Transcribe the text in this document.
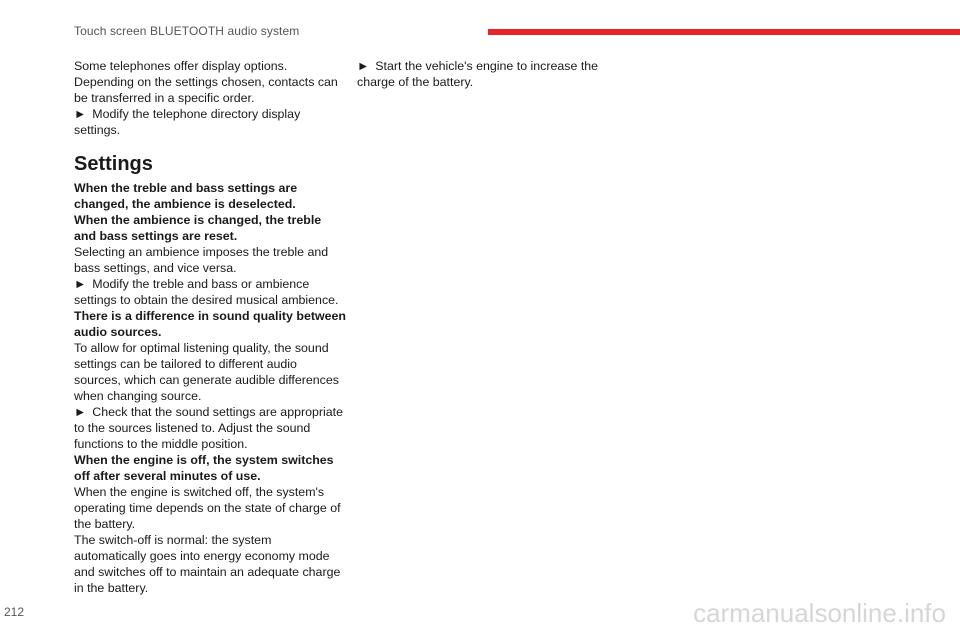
Touch screen BLUETOOTH audio system

Some telephones offer display options. Depending on the settings chosen, contacts can be transferred in a specific order.

► Modify the telephone directory display settings.

Settings

When the treble and bass settings are changed, the ambience is deselected.

When the ambience is changed, the treble and bass settings are reset.

Selecting an ambience imposes the treble and bass settings, and vice versa.

► Modify the treble and bass or ambience settings to obtain the desired musical ambience.

There is a difference in sound quality between audio sources.

To allow for optimal listening quality, the sound settings can be tailored to different audio sources, which can generate audible differences when changing source.

► Check that the sound settings are appropriate to the sources listened to. Adjust the sound functions to the middle position.

When the engine is off, the system switches off after several minutes of use.

When the engine is switched off, the system's operating time depends on the state of charge of the battery.

The switch-off is normal: the system automatically goes into energy economy mode and switches off to maintain an adequate charge in the battery.

► Start the vehicle's engine to increase the charge of the battery.

212	carmanualsonline.info
